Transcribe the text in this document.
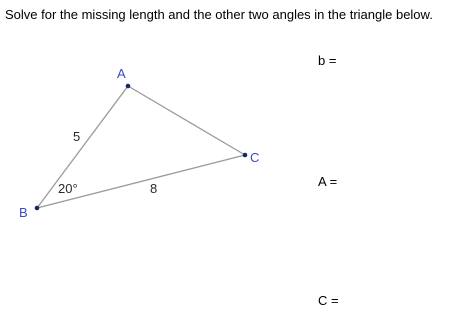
Solve for the missing length and the other two angles in the triangle below.
A
B
C
5
8
20°
b =
A =
C =
